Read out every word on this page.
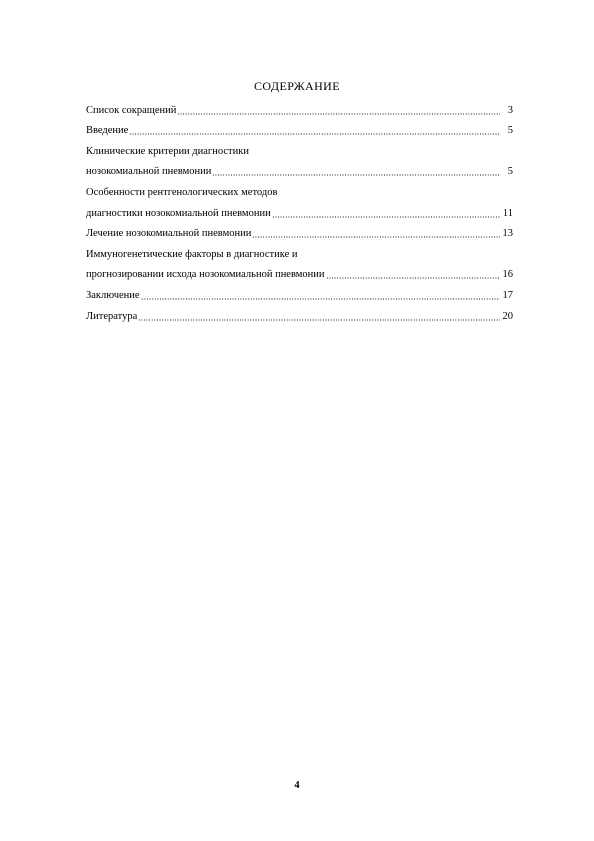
СОДЕРЖАНИЕ
Список сокращений	3
Введение	5
Клинические критерии диагностики
нозокомиальной пневмонии	5
Особенности рентгенологических методов
диагностики нозокомиальной пневмонии	11
Лечение нозокомиальной пневмонии	13
Иммуногенетические факторы в диагностике и
прогнозировании исхода нозокомиальной пневмонии	16
Заключение	17
Литература	20
4
